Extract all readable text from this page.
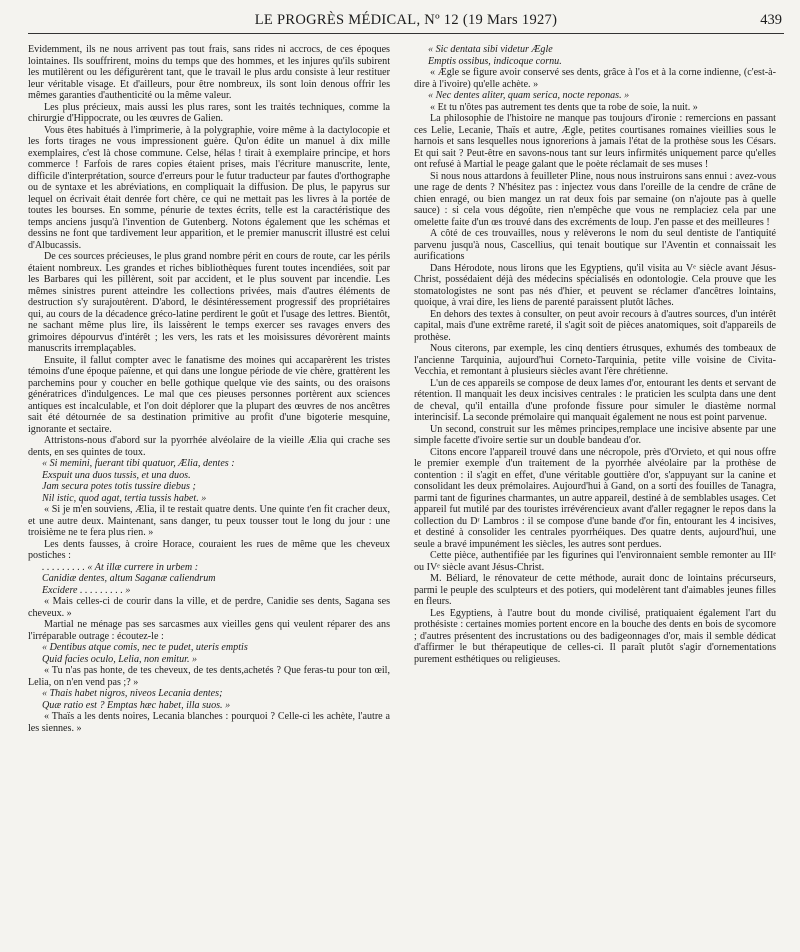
LE PROGRÈS MÉDICAL, Nº 12 (19 Mars 1927)	439

Evidemment, ils ne nous arrivent pas tout frais, sans rides ni accrocs, de ces époques lointaines. Ils souffrirent, moins du temps que des hommes, et les injures qu'ils subirent les mutilèrent ou les défigurèrent tant, que le travail le plus ardu consiste à leur restituer leur véritable visage. Et d'ailleurs, pour être nombreux, ils sont loin denous offrir les mêmes garanties d'authenticité ou la même valeur.

Les plus précieux, mais aussi les plus rares, sont les traités techniques, comme la chirurgie d'Hippocrate, ou les œuvres de Galien.

Vous êtes habitués à l'imprimerie, à la polygraphie, voire même à la dactylocopie et les forts tirages ne vous impressionent guère. Qu'on édite un manuel à dix mille exemplaires, c'est là chose commune. Celse, hélas ! tirait à exemplaire principe, et hors commerce ! Farfois de rares copies étaient prises, mais l'écriture manuscrite, lente, difficile d'interprétation, source d'erreurs pour le futur traducteur par fautes d'orthographe ou de syntaxe et les abréviations, en compliquait la diffusion. De plus, le papyrus sur lequel on écrivait était denrée fort chère, ce qui ne mettait pas les livres à la portée de toutes les bourses. En somme, pénurie de textes écrits, telle est la caractéristique des temps anciens jusqu'à l'invention de Gutenberg. Notons également que les schémas et dessins ne font que tardivement leur apparition, et le premier manuscrit illustré est celui d'Albucassis.

De ces sources précieuses, le plus grand nombre périt en cours de route, car les périls étaient nombreux. Les grandes et riches bibliothèques furent toutes incendiées, soit par les Barbares qui les pillèrent, soit par accident, et le plus souvent par incendie. Les mêmes sinistres purent atteindre les collections privées, mais d'autres éléments de destruction s'y surajoutèrent. D'abord, le désintéressement progressif des propriétaires qui, au cours de la décadence gréco-latine perdirent le goût et l'usage des lettres. Bientôt, ne sachant même plus lire, ils laissèrent le temps exercer ses ravages envers des grimoires dépourvus d'intérêt ; les vers, les rats et les moisissures dévorèrent maints manuscrits irremplaçables.

Ensuite, il fallut compter avec le fanatisme des moines qui accaparèrent les tristes témoins d'une époque païenne, et qui dans une longue période de vie chère, grattèrent les parchemins pour y coucher en belle gothique quelque vie des saints, ou des oraisons génératrices d'indulgences. Le mal que ces pieuses personnes portèrent aux sciences antiques est incalculable, et l'on doit déplorer que la plupart des œuvres de nos ancêtres sait été détournée de sa destination primitive au profit d'une bigoterie mesquine, ignorante et sectaire.

Attristons-nous d'abord sur la pyorrhée alvéolaire de la vieille Ælia qui crache ses dents, en ses quintes de toux.

« Si memini, fuerant tibi quatuor, Ælia, dentes :

Exspuit una duos tussis, et una duos.

Jam secura potes totis tussire diebus ;

Nil istic, quod agat, tertia tussis habet. »

« Si je m'en souviens, Ælia, il te restait quatre dents. Une quinte t'en fit cracher deux, et une autre deux. Maintenant, sans danger, tu peux tousser tout le long du jour : une troisième ne te fera plus rien. »

Les dents fausses, à croire Horace, couraient les rues de même que les cheveux postiches :

. . . . . . . . . « At illæ currere in urbem :

Canidiæ dentes, altum Saganæ caliendrum

Excidere . . . . . . . . . »

« Mais celles-ci de courir dans la ville, et de perdre, Canidie ses dents, Sagana ses cheveux. »

Martial ne ménage pas ses sarcasmes aux vieilles gens qui veulent réparer des ans l'irréparable outrage : écoutez-le :

« Dentibus atque comis, nec te pudet, uteris emptis

Quid facies oculo, Lelia, non emitur. »

« Tu n'as pas honte, de tes cheveux, de tes dents,achetés ? Que feras-tu pour ton œil, Lelia, on n'en vend pas ;? »

« Thais habet nigros, niveos Lecania dentes;

Quæ ratio est ? Emptas hæc habet, illa suos. »

« Thaïs a les dents noires, Lecania blanches : pourquoi ? Celle-ci les achète, l'autre a les siennes. »

« Sic dentata sibi videtur Ægle

Emptis ossibus, indicoque cornu.

« Ægle se figure avoir conservé ses dents, grâce à l'os et à la corne indienne, (c'est-à-dire à l'ivoire) qu'elle achète. »

« Nec dentes aliter, quam serica, nocte reponas. »

« Et tu n'ôtes pas autrement tes dents que ta robe de soie, la nuit. »

La philosophie de l'histoire ne manque pas toujours d'ironie : remercions en passant ces Lelie, Lecanie, Thaïs et autre, Ægle, petites courtisanes romaines vieillies sous le harnois et sans lesquelles nous ignorerions à jamais l'état de la prothèse sous les Césars. Et qui sait ? Peut-être en savons-nous tant sur leurs infirmités uniquement parce qu'elles ont refusé à Martial le peage galant que le poète réclamait de ses muses !

Si nous nous attardons à feuilleter Pline, nous nous instruirons sans ennui : avez-vous une rage de dents ? N'hésitez pas : injectez vous dans l'oreille de la cendre de crâne de chien enragé, ou bien mangez un rat deux fois par semaine (on n'ajoute pas à quelle sauce) : si cela vous dégoûte, rien n'empêche que vous ne remplaciez cela par une omelette faite d'un œs trouvé dans des excréments de loup. J'en passe et des meilleures !

A côté de ces trouvailles, nous y relèverons le nom du seul dentiste de l'antiquité parvenu jusqu'à nous, Cascellius, qui tenait boutique sur l'Aventin et connaissait les aurifications

Dans Hérodote, nous lirons que les Egyptiens, qu'il visita au Vᵉ siècle avant Jésus-Christ, possédaient déjà des médecins spécialisés en odontologie. Cela prouve que les stomatologistes ne sont pas nés d'hier, et peuvent se réclamer d'ancêtres lointains, quoique, à vrai dire, les liens de parenté paraissent plutôt lâches.

En dehors des textes à consulter, on peut avoir recours à d'autres sources, d'un intérêt capital, mais d'une extrême rareté, il s'agit soit de pièces anatomiques, soit d'appareils de prothèse.

Nous citerons, par exemple, les cinq dentiers étrusques, exhumés des tombeaux de l'ancienne Tarquinia, aujourd'hui Corneto-Tarquinia, petite ville voisine de Civita-Vecchia, et remontant à plusieurs siècles avant l'ère chrétienne.

L'un de ces appareils se compose de deux lames d'or, entourant les dents et servant de rétention. Il manquait les deux incisives centrales : le praticien les sculpta dans une dent de cheval, qu'il entailla d'une profonde fissure pour simuler le diastème normal interincisif. La seconde prémolaire qui manquait également ne nous est point parvenue.

Un second, construit sur les mêmes principes,remplace une incisive absente par une simple facette d'ivoire sertie sur un double bandeau d'or.

Citons encore l'appareil trouvé dans une nécropole, près d'Orvieto, et qui nous offre le premier exemple d'un traitement de la pyorrhée alvéolaire par la prothèse de contention : il s'agit en effet, d'une véritable gouttière d'or, s'appuyant sur la canine et consolidant les deux prémolaires. Aujourd'hui à Gand, on a sorti des fouilles de Tanagra, parmi tant de figurines charmantes, un autre appareil, destiné à de semblables usages. Cet appareil fut mutilé par des touristes irrévérencieux avant d'aller regagner le repos dans la collection du Dʳ Lambros : il se compose d'une bande d'or fin, entourant les 4 incisives, et destiné à consolider les centrales pyorrhéiques. Des quatre dents, aujourd'hui, une seule a bravé impunément les siècles, les autres sont perdues.

Cette pièce, authentifiée par les figurines qui l'environnaient semble remonter au IIIᵉ ou IVᵉ siècle avant Jésus-Christ.

M. Béliard, le rénovateur de cette méthode, aurait donc de lointains précurseurs, parmi le peuple des sculpteurs et des potiers, qui modelèrent tant d'aimables jeunes filles en fleurs.

Les Egyptiens, à l'autre bout du monde civilisé, pratiquaient également l'art du prothésiste : certaines momies portent encore en la bouche des dents en bois de sycomore ; d'autres présentent des incrustations ou des badigeonnages d'or, mais il semble dédicat d'affirmer le but thérapeutique de celles-ci. Il paraît plutôt s'agir d'ornementations purement esthétiques ou religieuses.
